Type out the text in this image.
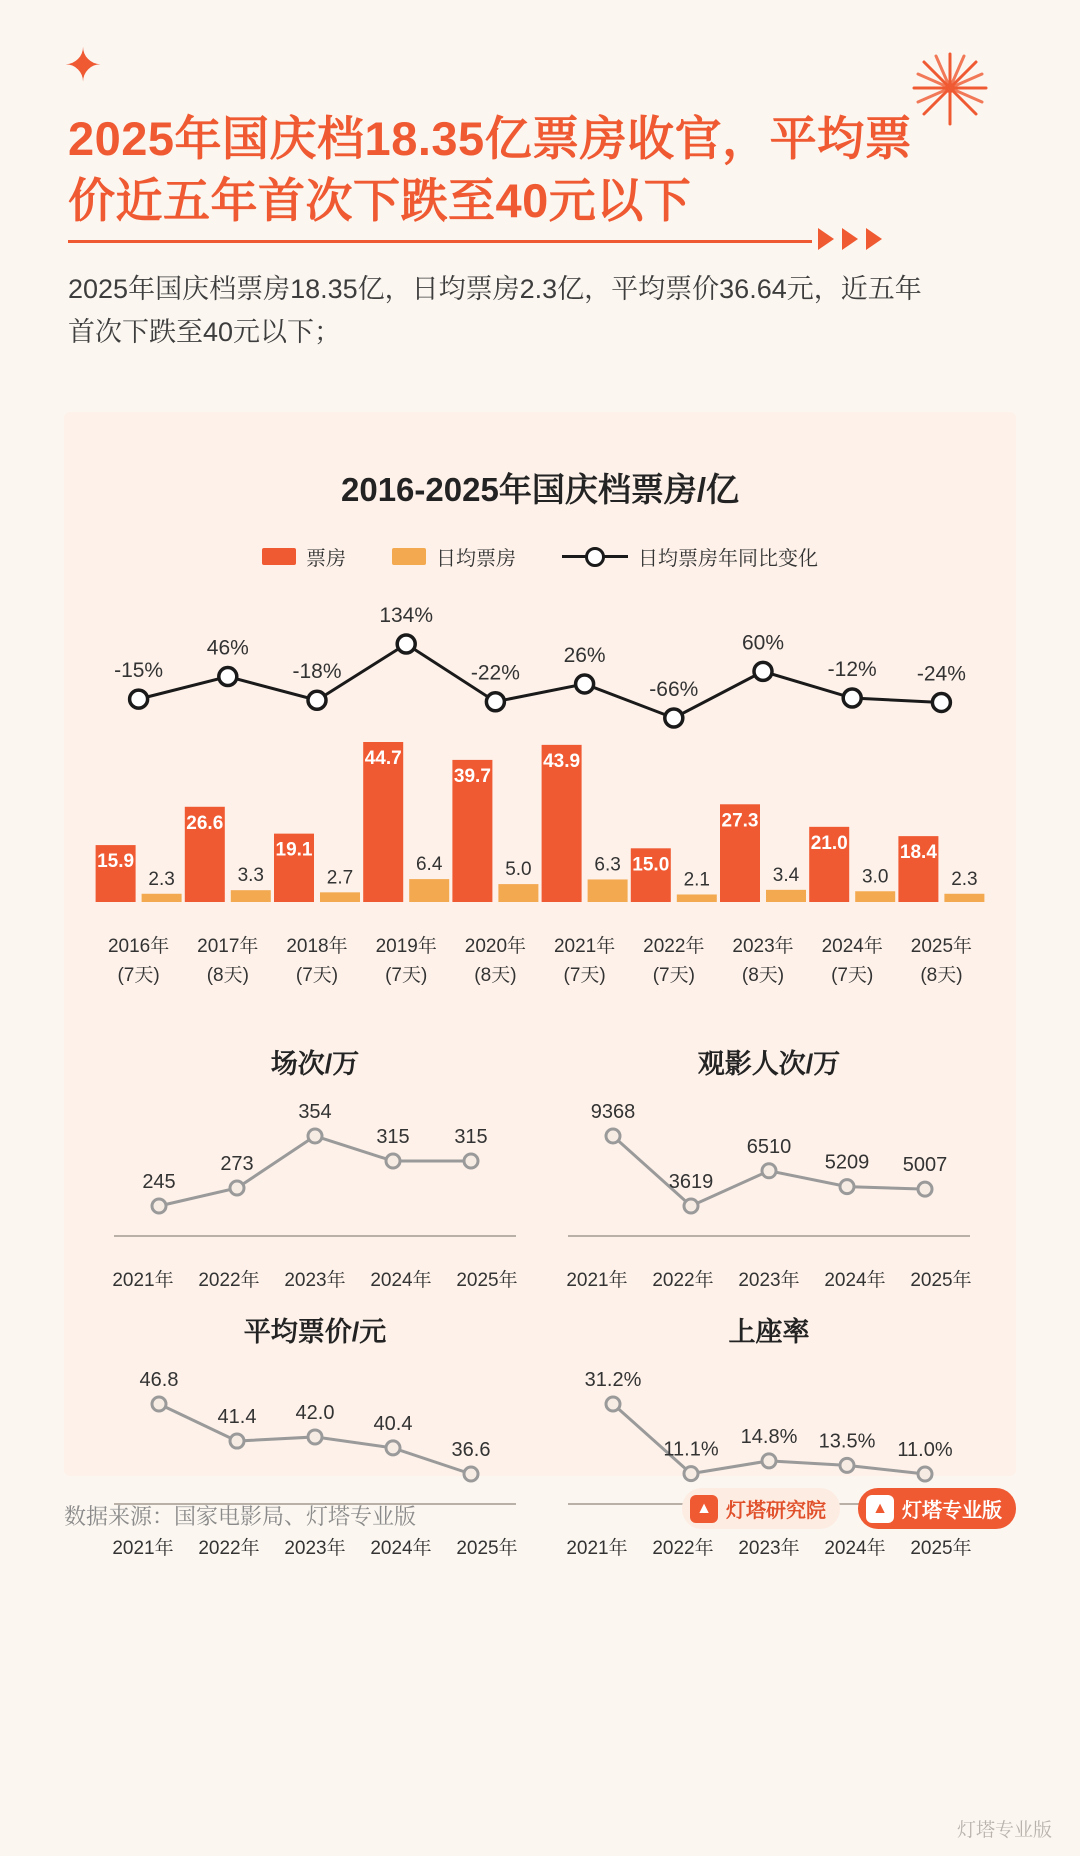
✦
2025年国庆档18.35亿票房收官，平均票价近五年首次下跌至40元以下
2025年国庆档票房18.35亿，日均票房2.3亿，平均票价36.64元，近五年首次下跌至40元以下；
2016-2025年国庆档票房/亿
票房	日均票房	日均票房年同比变化
15.9
2.3
26.6
3.3
19.1
2.7
44.7
6.4
39.7
5.0
43.9
6.3 15.0
2.1
27.3
3.4
21.0
3.0
18.4
2.3
-15%
46%
-18%
134%
-22%
26%
-66%
60%
-12% -24%
2016年
(7天)
2017年
(8天)
2018年
(7天)
2019年
(7天)
2020年
(8天)
2021年
(7天)
2022年
(7天)
2023年
(8天)
2024年
(7天)
2025年
(8天)
场次/万
245
273
354
315 315
2021年	2022年	2023年	2024年	2025年
观影人次/万
9368
3619
6510
5209 5007
2021年	2022年	2023年	2024年	2025年
平均票价/元
46.8
41.4 42.0 40.4
36.6
2021年	2022年	2023年	2024年	2025年
上座率
31.2%
11.1%
14.8% 13.5% 11.0%
2021年	2022年	2023年	2024年	2025年
数据来源：国家电影局、灯塔专业版	▲ 灯塔研究院	▲ 灯塔专业版
灯塔专业版
